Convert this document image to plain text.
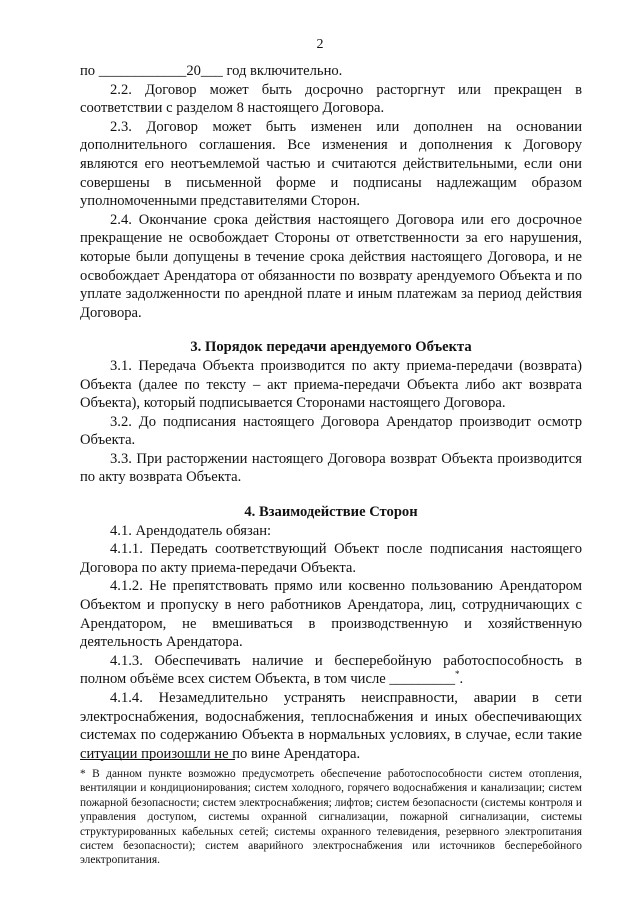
2

по ____________20___ год включительно.

2.2. Договор может быть досрочно расторгнут или прекращен в соответствии с разделом 8 настоящего Договора.

2.3. Договор может быть изменен или дополнен на основании дополнительного соглашения. Все изменения и дополнения к Договору являются его неотъемлемой частью и считаются действительными, если они совершены в письменной форме и подписаны надлежащим образом уполномоченными представителями Сторон.

2.4. Окончание срока действия настоящего Договора или его досрочное прекращение не освобождает Стороны от ответственности за его нарушения, которые были допущены в течение срока действия настоящего Договора, и не освобождает Арендатора от обязанности по возврату арендуемого Объекта и по уплате задолженности по арендной плате и иным платежам за период действия Договора.

3. Порядок передачи арендуемого Объекта

3.1. Передача Объекта производится по акту приема-передачи (возврата) Объекта (далее по тексту – акт приема-передачи Объекта либо акт возврата Объекта), который подписывается Сторонами настоящего Договора.

3.2. До подписания настоящего Договора Арендатор производит осмотр Объекта.

3.3. При расторжении настоящего Договора возврат Объекта производится по акту возврата Объекта.

4. Взаимодействие Сторон

4.1. Арендодатель обязан:

4.1.1. Передать соответствующий Объект после подписания настоящего Договора по акту приема-передачи Объекта.

4.1.2. Не препятствовать прямо или косвенно пользованию Арендатором Объектом и пропуску в него работников Арендатора, лиц, сотрудничающих с Арендатором, не вмешиваться в производственную и хозяйственную деятельность Арендатора.

4.1.3. Обеспечивать наличие и бесперебойную работоспособность в полном объёме всех систем Объекта, в том числе _________*.

4.1.4. Незамедлительно устранять неисправности, аварии в сети электроснабжения, водоснабжения, теплоснабжения и иных обеспечивающих системах по содержанию Объекта в нормальных условиях, в случае, если такие ситуации произошли не по вине Арендатора.

* В данном пункте возможно предусмотреть обеспечение работоспособности систем отопления, вентиляции и кондиционирования; систем холодного, горячего водоснабжения и канализации; систем пожарной безопасности; систем электроснабжения; лифтов; систем безопасности (системы контроля и управления доступом, системы охранной сигнализации, пожарной сигнализации, системы структурированных кабельных сетей; системы охранного телевидения, резервного электропитания систем безопасности); систем аварийного электроснабжения или источников бесперебойного электропитания.
